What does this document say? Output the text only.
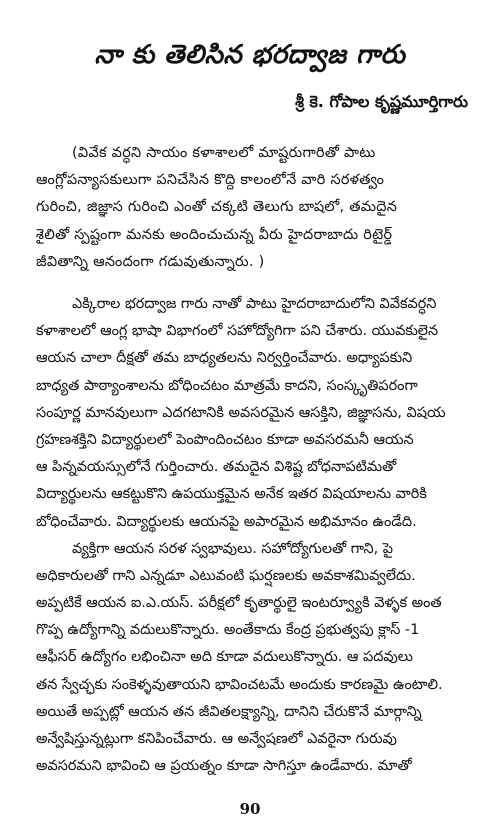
నా కు తెలిసిన భరద్వాజ గారు
శ్రీ కె. గోపాల కృష్ణమూర్తిగారు
(వివేక వర్ధని సాయం కళాశాలలో మాష్టరుగారితో పాటు
ఆంగ్లోపన్యాసకులుగా పనిచేసిన కొద్ది కాలంలోనే వారి సరళత్వం
గురించి, జిజ్ఞాస గురించి ఎంతో చక్కటి తెలుగు బాషలో, తమదైన
శైలితో స్పష్టంగా మనకు అందించుచున్న వీరు హైదరాబాదు రిటైర్డ్
జీవితాన్ని ఆనందంగా గడువుతున్నారు. )
ఎక్కిరాల భరద్వాజ గారు నాతో పాటు హైదరాబాదులోని వివేకవర్ధని
కళాశాలలో ఆంగ్ల భాషా విభాగంలో సహోద్యోగిగా పని చేశారు. యువకులైన
ఆయన చాలా దీక్షతో తమ బాధ్యతలను నిర్వర్తించేవారు. అధ్యాపకుని
బాధ్యత పాఠ్యాంశాలను బోధించటం మాత్రమే కాదని, సంస్కృతిపరంగా
సంపూర్ణ మానవులుగా ఎదగటానికి అవసరమైన ఆసక్తిని, జిజ్ఞాసను, విషయ
గ్రహణశక్తిని విద్యార్థులలో పెంపొందించటం కూడా అవసరమనీ ఆయన
ఆ పిన్నవయస్సులోనే గుర్తించారు. తమదైన విశిష్ట బోధనాపటిమతో
విద్యార్థులను ఆకట్టుకొని ఉపయుక్తమైన అనేక ఇతర విషయాలను వారికి
బోధించేవారు. విద్యార్థులకు ఆయనపై అపారమైన అభిమానం ఉండేది.
వ్యక్తిగా ఆయన సరళ స్వభావులు. సహోద్యోగులతో గాని, పై
అధికారులతో గాని ఎన్నడూ ఎటువంటి ఘర్షణలకు అవకాశమివ్వలేదు.
అప్పటికే ఆయన ఐ.ఎ.యస్. పరీక్షలో కృతార్థులై ఇంటర్వ్యూకి వెళ్ళక అంత
గొప్ప ఉద్యోగాన్ని వదులుకొన్నారు. అంతేకాదు కేంద్ర ప్రభుత్వపు క్లాస్ -1
ఆఫీసర్ ఉద్యోగం లభించినా అది కూడా వదులుకొన్నారు. ఆ పదవులు
తన స్వేచ్ఛకు సంకెళ్ళవుతాయని భావించటమే అందుకు కారణమై ఉంటాలి.
అయితే అప్పట్లో ఆయన తన జీవితలక్ష్యాన్ని, దానిని చేరుకొనే మార్గాన్ని
అన్వేషిస్తున్నట్లుగా కనిపించేవారు. ఆ అన్వేషణలో ఎవరైనా గురువు
అవసరమని భావించి ఆ ప్రయత్నం కూడా సాగిస్తూ ఉండేవారు. మాతో
90
